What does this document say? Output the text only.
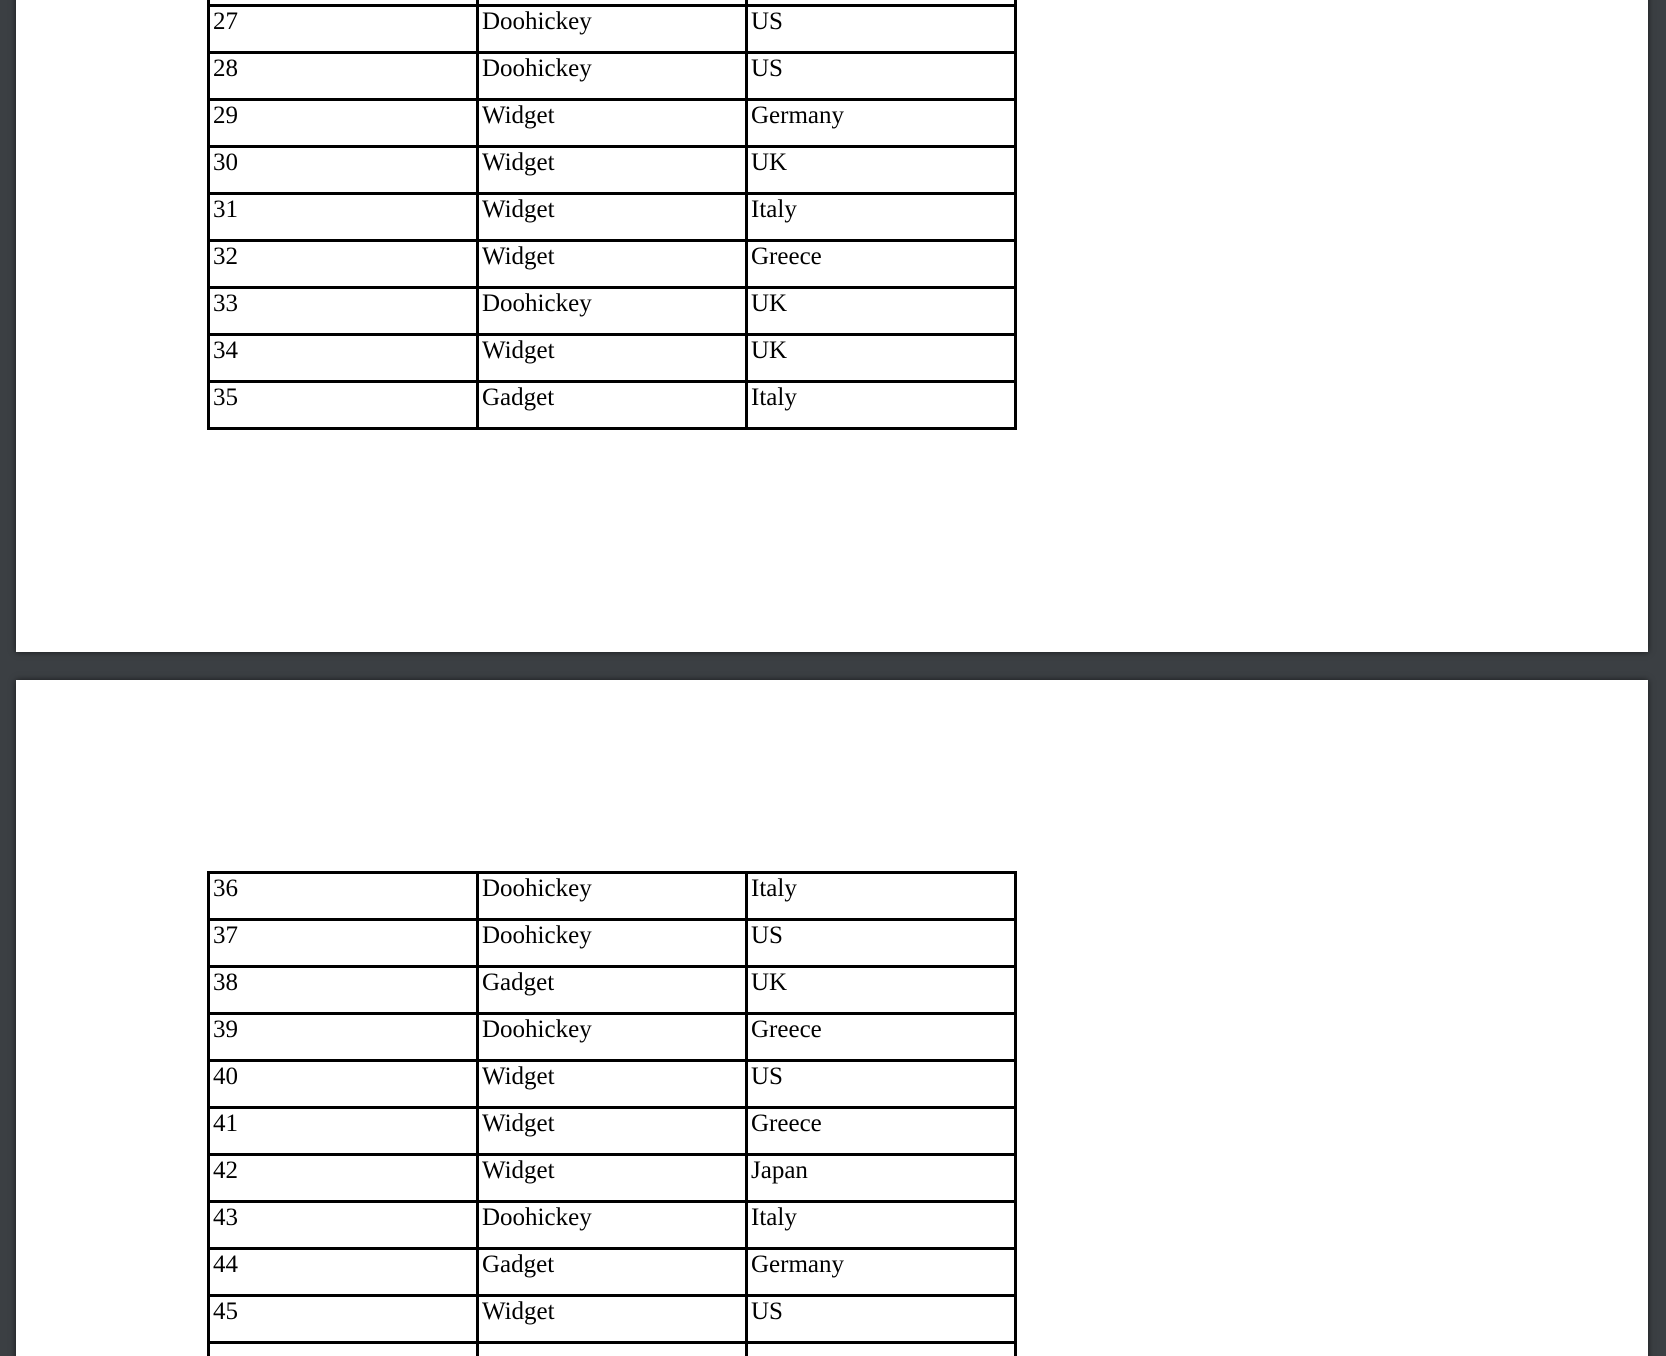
27	Doohickey	US
28	Doohickey	US
29	Widget	Germany
30	Widget	UK
31	Widget	Italy
32	Widget	Greece
33	Doohickey	UK
34	Widget	UK
35	Gadget	Italy
36	Doohickey	Italy
37	Doohickey	US
38	Gadget	UK
39	Doohickey	Greece
40	Widget	US
41	Widget	Greece
42	Widget	Japan
43	Doohickey	Italy
44	Gadget	Germany
45	Widget	US
